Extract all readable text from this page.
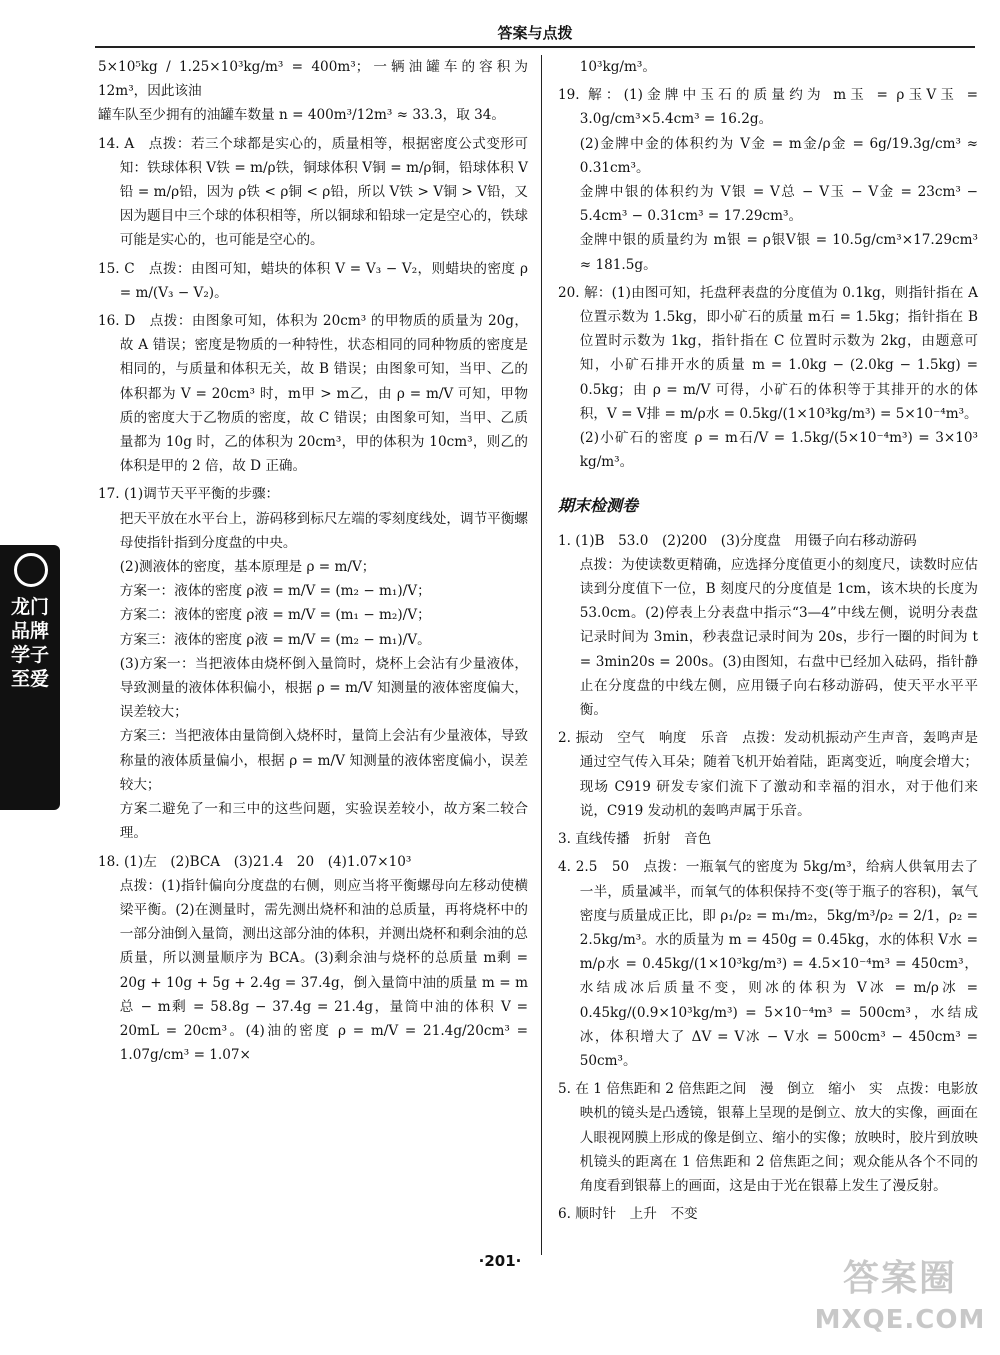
答案与点拨

5×10⁵kg / 1.25×10³kg/m³ = 400m³；一辆油罐车的容积为 12m³，因此该油

罐车队至少拥有的油罐车数量 n = 400m³/12m³ ≈ 33.3，取 34。

14. A　点拨：若三个球都是实心的，质量相等，根据密度公式变形可知：铁球体积 V铁 = m/ρ铁，铜球体积 V铜 = m/ρ铜，铅球体积 V铅 = m/ρ铅，因为 ρ铁 < ρ铜 < ρ铅，所以 V铁 > V铜 > V铅，又因为题目中三个球的体积相等，所以铜球和铅球一定是空心的，铁球可能是实心的，也可能是空心的。

15. C　点拨：由图可知，蜡块的体积 V = V₃ − V₂，则蜡块的密度 ρ = m/(V₃ − V₂)。

16. D　点拨：由图象可知，体积为 20cm³ 的甲物质的质量为 20g，故 A 错误；密度是物质的一种特性，状态相同的同种物质的密度是相同的，与质量和体积无关，故 B 错误；由图象可知，当甲、乙的体积都为 V = 20cm³ 时，m甲 > m乙，由 ρ = m/V 可知，甲物质的密度大于乙物质的密度，故 C 错误；由图象可知，当甲、乙质量都为 10g 时，乙的体积为 20cm³，甲的体积为 10cm³，则乙的体积是甲的 2 倍，故 D 正确。

17. (1)调节天平平衡的步骤：

把天平放在水平台上，游码移到标尺左端的零刻度线处，调节平衡螺母使指针指到分度盘的中央。

(2)测液体的密度，基本原理是 ρ = m/V；

方案一：液体的密度 ρ液 = m/V = (m₂ − m₁)/V；

方案二：液体的密度 ρ液 = m/V = (m₁ − m₂)/V；

方案三：液体的密度 ρ液 = m/V = (m₂ − m₁)/V。

(3)方案一：当把液体由烧杯倒入量筒时，烧杯上会沾有少量液体，导致测量的液体体积偏小，根据 ρ = m/V 知测量的液体密度偏大，误差较大；

方案三：当把液体由量筒倒入烧杯时，量筒上会沾有少量液体，导致称量的液体质量偏小，根据 ρ = m/V 知测量的液体密度偏小，误差较大；

方案二避免了一和三中的这些问题，实验误差较小，故方案二较合理。

18. (1)左　(2)BCA　(3)21.4　20　(4)1.07×10³

点拨：(1)指针偏向分度盘的右侧，则应当将平衡螺母向左移动使横梁平衡。(2)在测量时，需先测出烧杯和油的总质量，再将烧杯中的一部分油倒入量筒，测出这部分油的体积，并测出烧杯和剩余油的总质量，所以测量顺序为 BCA。(3)剩余油与烧杯的总质量 m剩 = 20g + 10g + 5g + 2.4g = 37.4g，倒入量筒中油的质量 m = m总 − m剩 = 58.8g − 37.4g = 21.4g，量筒中油的体积 V = 20mL = 20cm³。(4)油的密度 ρ = m/V = 21.4g/20cm³ = 1.07g/cm³ = 1.07×

10³kg/m³。

19. 解：(1)金牌中玉石的质量约为 m玉 = ρ玉V玉 = 3.0g/cm³×5.4cm³ = 16.2g。

(2)金牌中金的体积约为 V金 = m金/ρ金 = 6g/19.3g/cm³ ≈ 0.31cm³。

金牌中银的体积约为 V银 = V总 − V玉 − V金 = 23cm³ − 5.4cm³ − 0.31cm³ = 17.29cm³。

金牌中银的质量约为 m银 = ρ银V银 = 10.5g/cm³×17.29cm³ ≈ 181.5g。

20. 解：(1)由图可知，托盘秤表盘的分度值为 0.1kg，则指针指在 A 位置示数为 1.5kg，即小矿石的质量 m石 = 1.5kg；指针指在 B 位置时示数为 1kg，指针指在 C 位置时示数为 2kg，由题意可知，小矿石排开水的质量 m = 1.0kg − (2.0kg − 1.5kg) = 0.5kg；由 ρ = m/V 可得，小矿石的体积等于其排开的水的体积，V = V排 = m/ρ水 = 0.5kg/(1×10³kg/m³) = 5×10⁻⁴m³。

(2)小矿石的密度 ρ = m石/V = 1.5kg/(5×10⁻⁴m³) = 3×10³ kg/m³。

期末检测卷

1. (1)B　53.0　(2)200　(3)分度盘　用镊子向右移动游码

点拨：为使读数更精确，应选择分度值更小的刻度尺，读数时应估读到分度值下一位，B 刻度尺的分度值是 1cm，该木块的长度为 53.0cm。(2)停表上分表盘中指示“3—4”中线左侧，说明分表盘记录时间为 3min，秒表盘记录时间为 20s，步行一圈的时间为 t = 3min20s = 200s。(3)由图知，右盘中已经加入砝码，指针静止在分度盘的中线左侧，应用镊子向右移动游码，使天平水平平衡。

2. 振动　空气　响度　乐音　点拨：发动机振动产生声音，轰鸣声是通过空气传入耳朵；随着飞机开始着陆，距离变近，响度会增大；现场 C919 研发专家们流下了激动和幸福的泪水，对于他们来说，C919 发动机的轰鸣声属于乐音。

3. 直线传播　折射　音色

4. 2.5　50　点拨：一瓶氧气的密度为 5kg/m³，给病人供氧用去了一半，质量减半，而氧气的体积保持不变(等于瓶子的容积)，氧气密度与质量成正比，即 ρ₁/ρ₂ = m₁/m₂，5kg/m³/ρ₂ = 2/1，ρ₂ = 2.5kg/m³。水的质量为 m = 450g = 0.45kg，水的体积 V水 = m/ρ水 = 0.45kg/(1×10³kg/m³) = 4.5×10⁻⁴m³ = 450cm³，水结成冰后质量不变，则冰的体积为 V冰 = m/ρ冰 = 0.45kg/(0.9×10³kg/m³) = 5×10⁻⁴m³ = 500cm³，水结成冰，体积增大了 ΔV = V冰 − V水 = 500cm³ − 450cm³ = 50cm³。

5. 在 1 倍焦距和 2 倍焦距之间　漫　倒立　缩小　实　点拨：电影放映机的镜头是凸透镜，银幕上呈现的是倒立、放大的实像，画面在人眼视网膜上形成的像是倒立、缩小的实像；放映时，胶片到放映机镜头的距离在 1 倍焦距和 2 倍焦距之间；观众能从各个不同的角度看到银幕上的画面，这是由于光在银幕上发生了漫反射。

6. 顺时针　上升　不变

龙门品牌 学子至爱
·201·	答案圈
MXQE.COM
